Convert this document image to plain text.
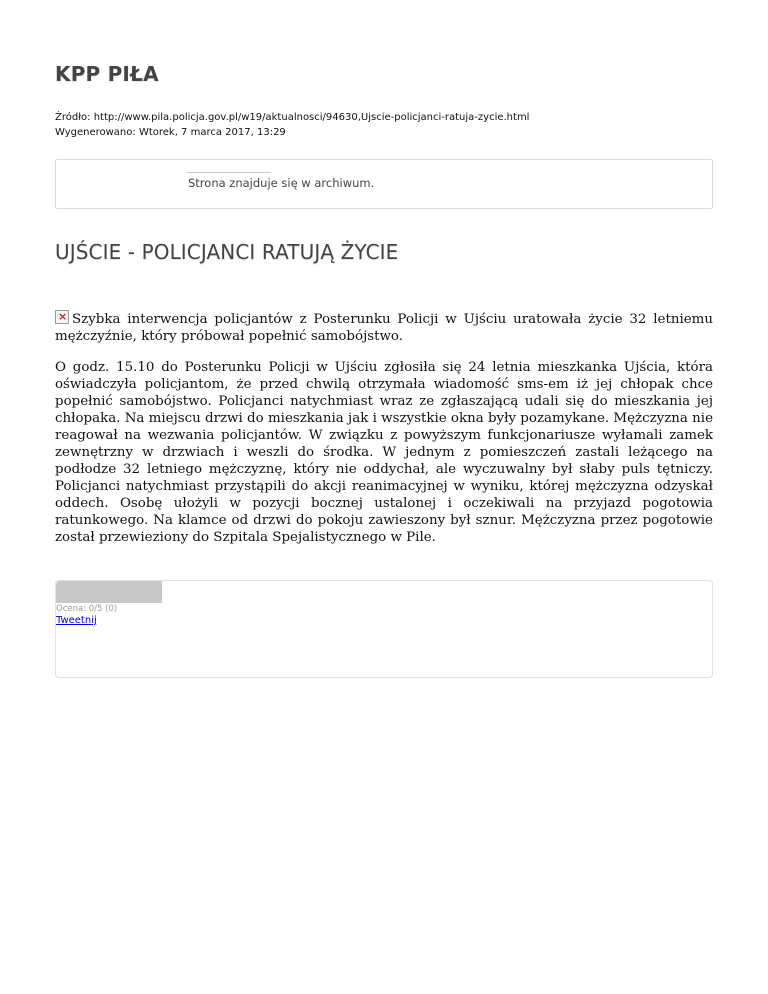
KPP PIŁA
Źródło: http://www.pila.policja.gov.pl/w19/aktualnosci/94630,Ujscie-policjanci-ratuja-zycie.html
Wygenerowano: Wtorek, 7 marca 2017, 13:29
Strona znajduje się w archiwum.
UJŚCIE - POLICJANCI RATUJĄ ŻYCIE

×Szybka interwencja policjantów z Posterunku Policji w Ujściu uratowała życie 32 letniemu mężczyźnie, który próbował popełnić samobójstwo.

O godz. 15.10 do Posterunku Policji w Ujściu zgłosiła się 24 letnia mieszkanka Ujścia, która oświadczyła policjantom, że przed chwilą otrzymała wiadomość sms-em iż jej chłopak chce popełnić samobójstwo. Policjanci natychmiast wraz ze zgłaszającą udali się do mieszkania jej chłopaka. Na miejscu drzwi do mieszkania jak i wszystkie okna były pozamykane. Mężczyzna nie reagował na wezwania policjantów. W związku z powyższym funkcjonariusze wyłamali zamek zewnętrzny w drzwiach i weszli do środka. W jednym z pomieszczeń zastali leżącego na podłodze 32 letniego mężczyznę, który nie oddychał, ale wyczuwalny był słaby puls tętniczy. Policjanci natychmiast przystąpili do akcji reanimacyjnej w wyniku, której mężczyzna odzyskał oddech. Osobę ułożyli w pozycji bocznej ustalonej i oczekiwali na przyjazd pogotowia ratunkowego. Na klamce od drzwi do pokoju zawieszony był sznur. Mężczyzna przez pogotowie został przewieziony do Szpitala Spejalistycznego w Pile.

Ocena: 0/5 (0)
Tweetnij
